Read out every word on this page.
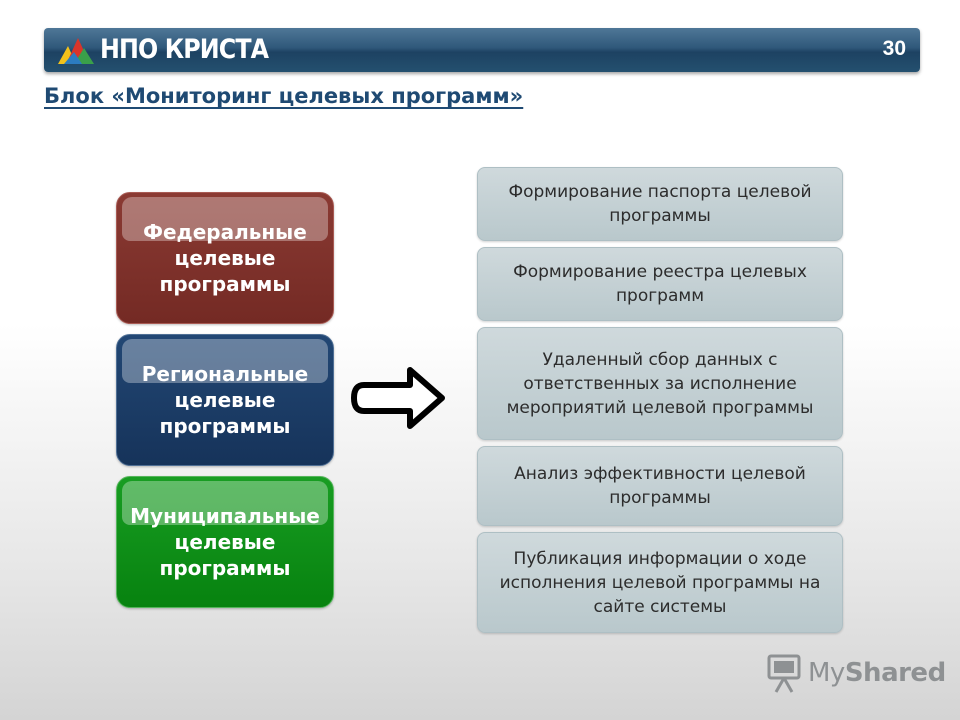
НПО КРИСТА	30
Блок «Мониторинг целевых программ»
Федеральные
целевые
программы
Региональные
целевые
программы
Муниципальные
целевые
программы
Формирование паспорта целевой
программы
Формирование реестра целевых
программ
Удаленный сбор данных с
ответственных за исполнение
мероприятий целевой программы
Анализ эффективности целевой
программы
Публикация информации о ходе
исполнения целевой программы на
сайте системы
MyShared
